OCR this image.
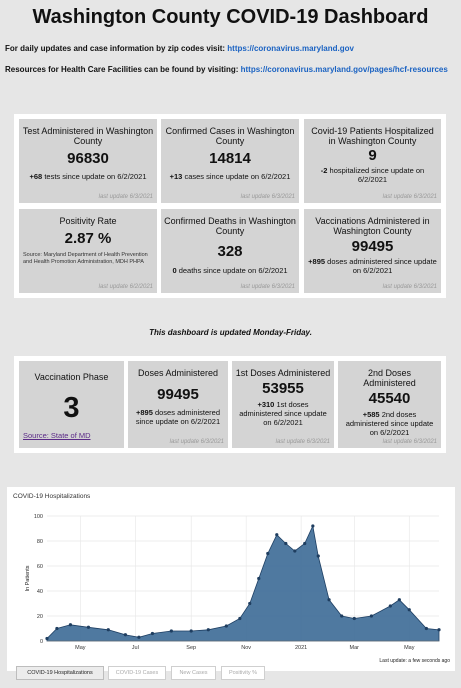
Washington County COVID-19 Dashboard
For daily updates and case information by zip codes visit: https://coronavirus.maryland.gov
Resources for Health Care Facilities can be found by visiting: https://coronavirus.maryland.gov/pages/hcf-resources
Test Administered in Washington County
96830
+68 tests since update on 6/2/2021
last update 6/3/2021
Confirmed Cases in Washington County
14814
+13 cases since update on 6/2/2021
last update 6/3/2021
Covid-19 Patients Hospitalized in Washington County
9
-2 hospitalized since update on 6/2/2021
last update 6/3/2021
Positivity Rate
2.87 %
Source: Maryland Department of Health Prevention and Health Promotion Administration, MDH PHPA
last update 6/2/2021
Confirmed Deaths in Washington County
328
0 deaths since update on 6/2/2021
last update 6/3/2021
Vaccinations Administered in Washington County
99495
+895 doses administered since update on 6/2/2021
last update 6/3/2021
This dashboard is updated Monday-Friday.
Vaccination Phase
3
Source: State of MD
Doses Administered
99495
+895 doses administered since update on 6/2/2021
last update 6/3/2021
1st Doses Administered
53955
+310 1st doses administered since update on 6/2/2021
last update 6/3/2021
2nd Doses Administered
45540
+585 2nd doses administered since update on 6/2/2021
last update 6/3/2021
COVID-19 Hospitalizations
0
20
40
60
80
100
May	Jul	Sep	Nov	2021	Mar	May
In Patients
Last update: a few seconds ago
COVID-19 Hospitalizations	COVID-19 Cases	New Cases	Positivity %
